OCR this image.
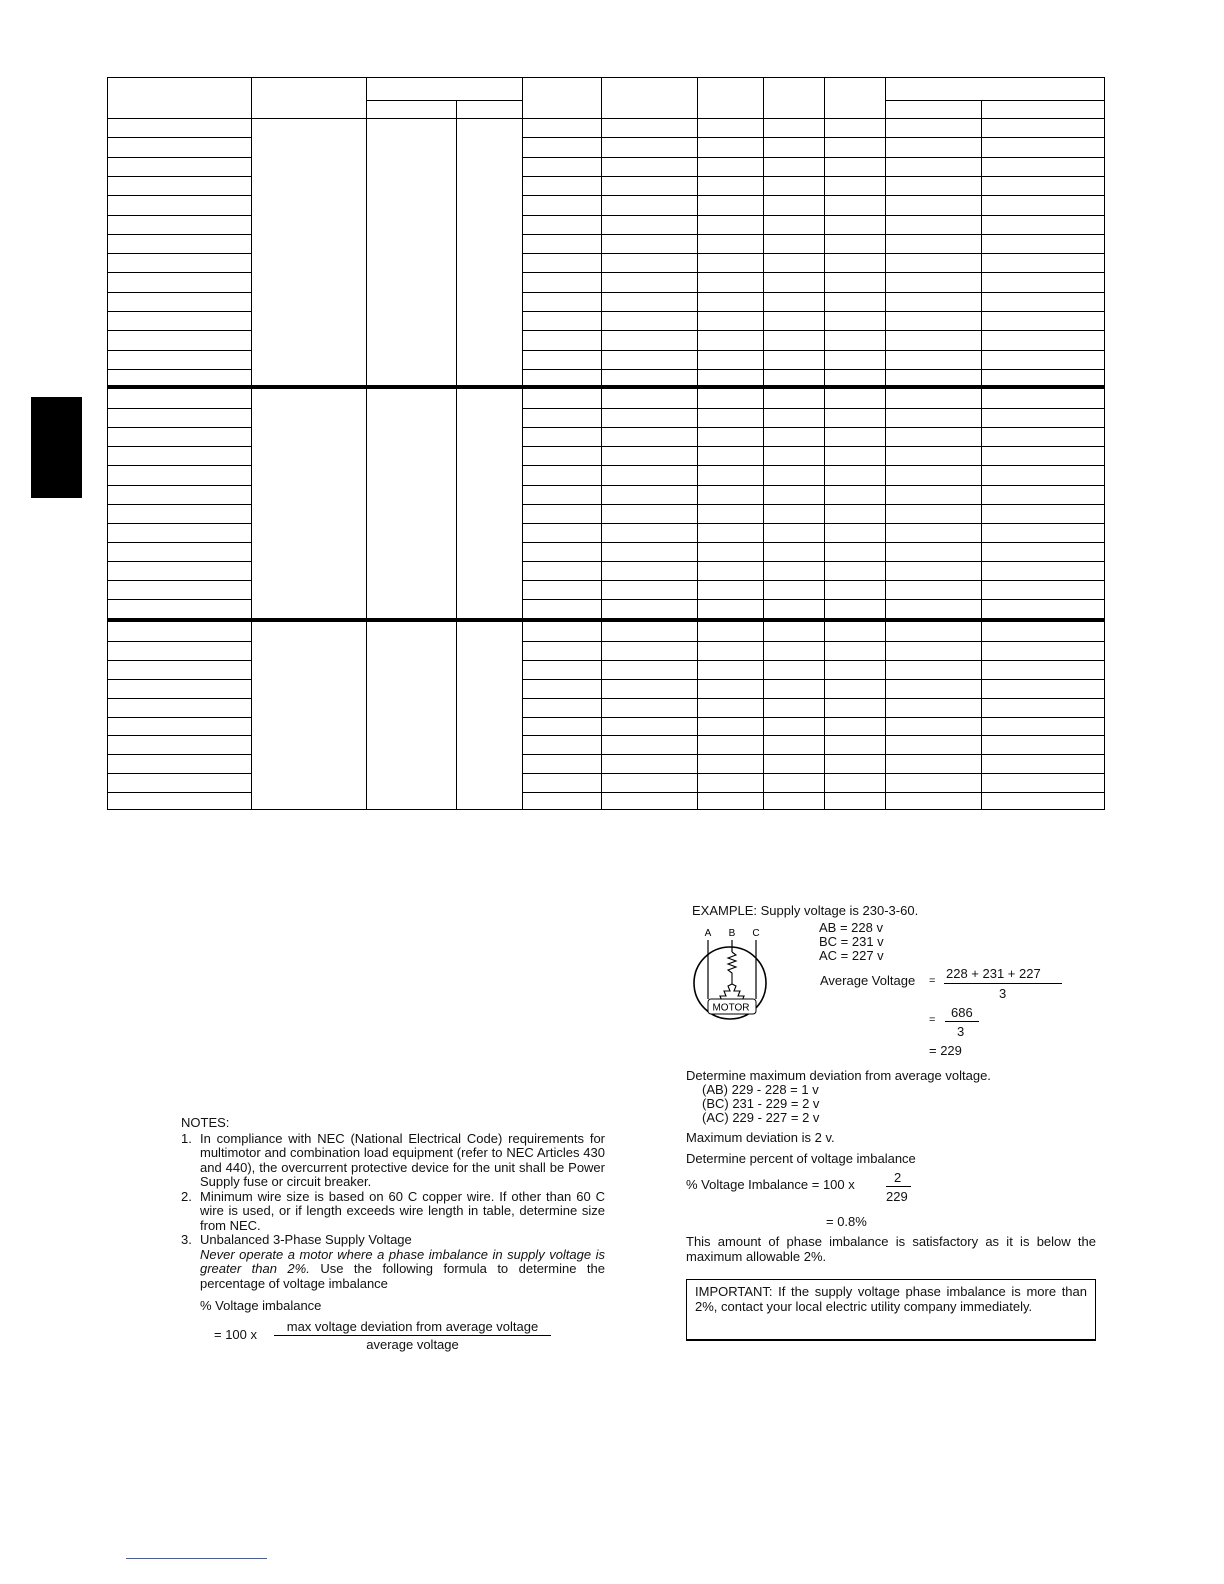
NOTES:
1. In compliance with NEC (National Electrical Code) requirements for multimotor and combination load equipment (refer to NEC Articles 430 and 440), the overcurrent protective device for the unit shall be Power Supply fuse or circuit breaker.
2. Minimum wire size is based on 60 C copper wire. If other than 60 C wire is used, or if length exceeds wire length in table, determine size from NEC.
3. Unbalanced 3-Phase Supply Voltage
Never operate a motor where a phase imbalance in supply voltage is greater than 2%. Use the following formula to determine the percentage of voltage imbalance
% Voltage imbalance
= 100 x
max voltage deviation from average voltage
average voltage
EXAMPLE: Supply voltage is 230-3-60.
A B C
MOTOR
AB = 228 v
BC = 231 v
AC = 227 v
Average Voltage = 228 + 231 + 227
3
= 686
3
= 229
Determine maximum deviation from average voltage.
(AB) 229 - 228 = 1 v
(BC) 231 - 229 = 2 v
(AC) 229 - 227 = 2 v
Maximum deviation is 2 v.
Determine percent of voltage imbalance
% Voltage Imbalance = 100 x	2
229
= 0.8%
This amount of phase imbalance is satisfactory as it is below the maximum allowable 2%.
IMPORTANT: If the supply voltage phase imbalance is more than 2%, contact your local electric utility company immediately.
